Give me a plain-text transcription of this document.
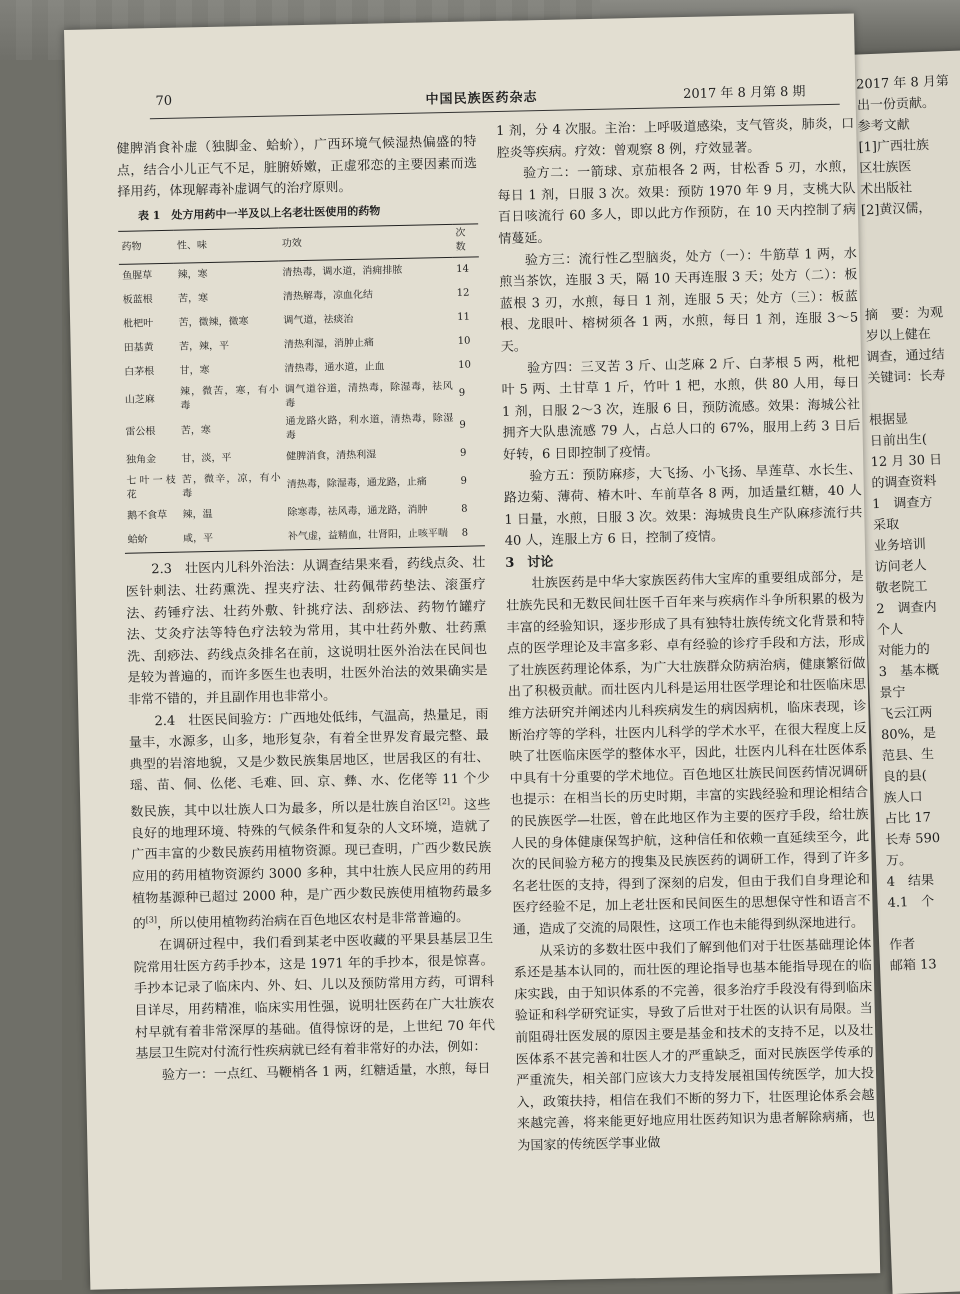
2017 年 8 月第

出一份贡献。

参考文献

[1]广西壮族

区壮族医

术出版社

[2]黄汉儒，

摘　要：为观

岁以上健在

调查，通过结

关键词：长寿

根据显

日前出生(

12 月 30 日

的调查资料

1　调查方

采取

业务培训

访问老人

敬老院工

2　调查内

个人

对能力的

3　基本概

景宁

飞云江两

80%，是

范县、生

良的县(

族人口

占比 17

长寿 590

万。

4　结果

4.1　个

作者

邮箱 13

70	中国民族医药杂志	2017 年 8 月第 8 期

健脾消食补虚（独脚金、蛤蚧），广西环境气候湿热偏盛的特点，结合小儿正气不足，脏腑娇嫩，正虚邪恋的主要因素而选择用药，体现解毒补虚调气的治疗原则。

表 1　处方用药中一半及以上名老壮医使用的药物
药物	性、味	功效	次数
鱼腥草	辣，寒	清热毒，调水道，消痈排脓	14
板蓝根	苦，寒	清热解毒，凉血化结	12
枇杷叶	苦，微辣，微寒	调气道，祛痰治	11
田基黄	苦，辣，平	清热利湿，消肿止痛	10
白茅根	甘，寒	清热毒，通水道，止血	10
山芝麻	辣，微苦，寒，有小毒	调气道谷道，清热毒，除湿毒，祛风毒	9
雷公根	苦，寒	通龙路火路，利水道，清热毒，除湿毒	9
独角金	甘，淡，平	健脾消食，清热利湿	9
七叶一枝花	苦，微辛，凉，有小毒	清热毒，除湿毒，通龙路，止痛	9
鹅不食草	辣，温	除寒毒，祛风毒，通龙路，消肿	8
蛤蚧	咸，平	补气虚，益精血，壮肾阳，止咳平喘	8

2.3　壮医内儿科外治法：从调查结果来看，药线点灸、壮医针刺法、壮药熏洗、捏夹疗法、壮药佩带药垫法、滚蛋疗法、药锤疗法、壮药外敷、针挑疗法、刮痧法、药物竹罐疗法、艾灸疗法等特色疗法较为常用，其中壮药外敷、壮药熏洗、刮痧法、药线点灸排名在前，这说明壮医外治法在民间也是较为普遍的，而许多医生也表明，壮医外治法的效果确实是非常不错的，并且副作用也非常小。

2.4　壮医民间验方：广西地处低纬，气温高，热量足，雨量丰，水源多，山多，地形复杂，有着全世界发育最完整、最典型的岩溶地貌，又是少数民族集居地区，世居我区的有壮、瑶、苗、侗、仫佬、毛难、回、京、彝、水、仡佬等 11 个少数民族，其中以壮族人口为最多，所以是壮族自治区[2]。这些良好的地理环境、特殊的气候条件和复杂的人文环境，造就了广西丰富的少数民族药用植物资源。现已查明，广西少数民族应用的药用植物资源约 3000 多种，其中壮族人民应用的药用植物基源种已超过 2000 种，是广西少数民族使用植物药最多的[3]，所以使用植物药治病在百色地区农村是非常普遍的。

在调研过程中，我们看到某老中医收藏的平果县基层卫生院常用壮医方药手抄本，这是 1971 年的手抄本，很是惊喜。手抄本记录了临床内、外、妇、儿以及预防常用方药，可谓科目详尽，用药精准，临床实用性强，说明壮医药在广大壮族农村早就有着非常深厚的基础。值得惊讶的是，上世纪 70 年代基层卫生院对付流行性疾病就已经有着非常好的办法，例如：

验方一：一点红、马鞭梢各 1 两，红糖适量，水煎，每日

1 剂，分 4 次服。主治：上呼吸道感染，支气管炎，肺炎，口腔炎等疾病。疗效：曾观察 8 例，疗效显著。

验方二：一箭球、京茄根各 2 两，甘松香 5 刃，水煎，每日 1 剂，日服 3 次。效果：预防 1970 年 9 月，支桃大队百日咳流行 60 多人，即以此方作预防，在 10 天内控制了病情蔓延。

验方三：流行性乙型脑炎，处方（一）：牛筋草 1 两，水煎当茶饮，连服 3 天，隔 10 天再连服 3 天；处方（二）：板蓝根 3 刃，水煎，每日 1 剂，连服 5 天；处方（三）：板蓝根、龙眼叶、榕树须各 1 两，水煎，每日 1 剂，连服 3～5 天。

验方四：三叉苦 3 斤、山芝麻 2 斤、白茅根 5 两，枇杷叶 5 两、土甘草 1 斤，竹叶 1 杷，水煎，供 80 人用，每日 1 剂，日服 2～3 次，连服 6 日，预防流感。效果：海城公社拥齐大队患流感 79 人，占总人口的 67%，服用上药 3 日后好转，6 日即控制了疫情。

验方五：预防麻疹，大飞扬、小飞扬、旱莲草、水长生、路边菊、薄荷、椿木叶、车前草各 8 两，加适量红糖，40 人 1 日量，水煎，日服 3 次。效果：海城贵良生产队麻疹流行共 40 人，连服上方 6 日，控制了疫情。

3　讨论

壮族医药是中华大家族医药伟大宝库的重要组成部分，是壮族先民和无数民间壮医千百年来与疾病作斗争所积累的极为丰富的经验知识，逐步形成了具有独特壮族传统文化背景和特点的医学理论及丰富多彩、卓有经验的诊疗手段和方法，形成了壮族医药理论体系，为广大壮族群众防病治病，健康繁衍做出了积极贡献。而壮医内儿科是运用壮医学理论和壮医临床思维方法研究并阐述内儿科疾病发生的病因病机，临床表现，诊断治疗等的学科，壮医内儿科学的学术水平，在很大程度上反映了壮医临床医学的整体水平，因此，壮医内儿科在壮医体系中具有十分重要的学术地位。百色地区壮族民间医药情况调研也提示：在相当长的历史时期，丰富的实践经验和理论相结合的民族医学—壮医，曾在此地区作为主要的医疗手段，给壮族人民的身体健康保驾护航，这种信任和依赖一直延续至今，此次的民间验方秘方的搜集及民族医药的调研工作，得到了许多名老壮医的支持，得到了深刻的启发，但由于我们自身理论和医疗经验不足，加上老壮医和民间医生的思想保守性和语言不通，造成了交流的局限性，这项工作也未能得到纵深地进行。

从采访的多数壮医中我们了解到他们对于壮医基础理论体系还是基本认同的，而壮医的理论指导也基本能指导现在的临床实践，由于知识体系的不完善，很多治疗手段没有得到临床验证和科学研究证实，导致了后世对于壮医的认识有局限。当前阻碍壮医发展的原因主要是基金和技术的支持不足，以及壮医体系不甚完善和壮医人才的严重缺乏，面对民族医学传承的严重流失，相关部门应该大力支持发展祖国传统医学，加大投入，政策扶持，相信在我们不断的努力下，壮医理论体系会越来越完善，将来能更好地应用壮医药知识为患者解除病痛，也为国家的传统医学事业做
